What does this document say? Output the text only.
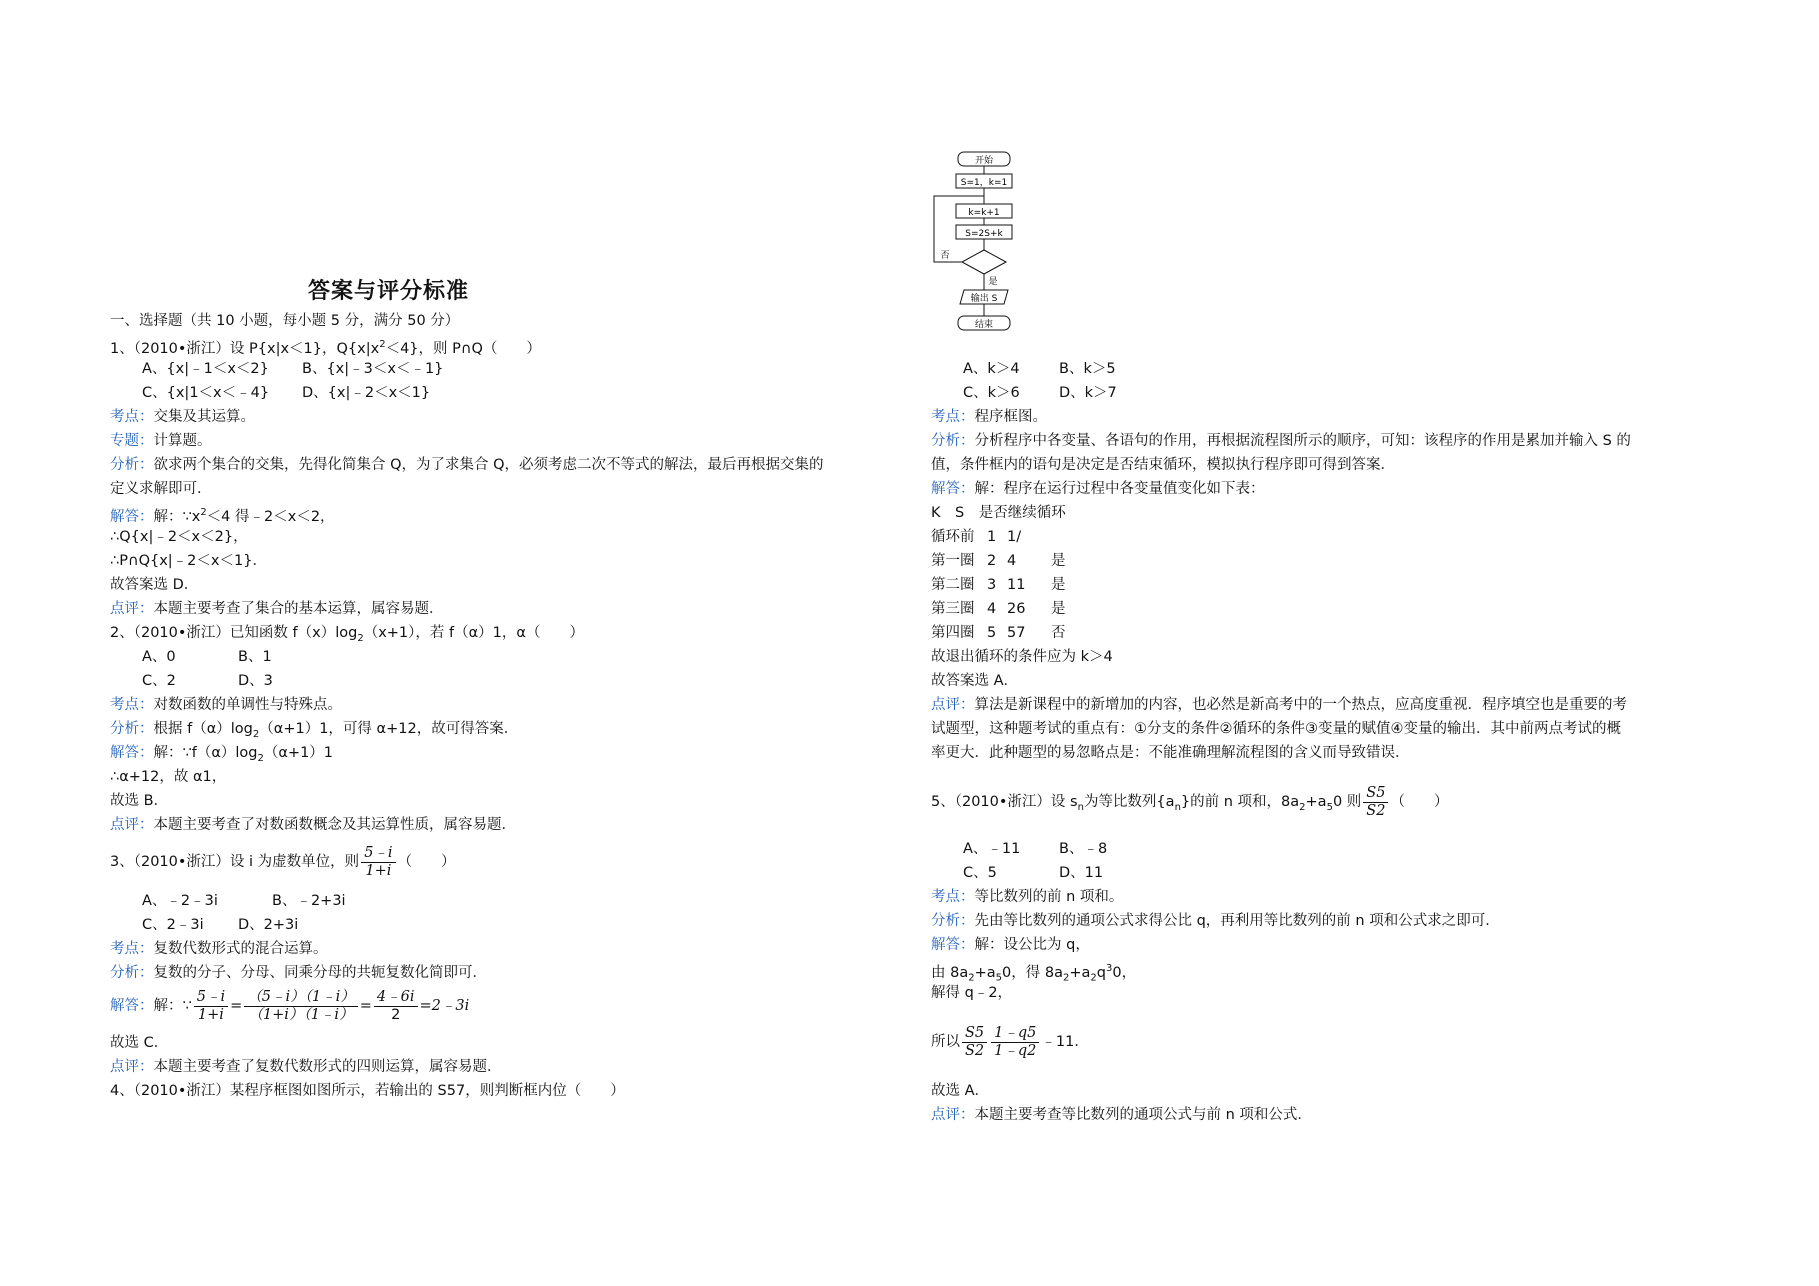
答案与评分标准
一、选择题（共 10 小题，每小题 5 分，满分 50 分）
1、（2010•浙江）设 P{x|x＜1}，$Q\{x|x^2<4\}$，则 P∩Q（　　）
A、{x|﹣1＜x＜2} B、{x|﹣3＜x＜﹣1}
C、{x|1＜x＜﹣4} D、{x|﹣2＜x＜1}
考点：交集及其运算。
专题：计算题。
分析：欲求两个集合的交集，先得化简集合 Q，为了求集合 Q，必须考虑二次不等式的解法，最后再根据交集的
定义求解即可．
解答：解：$\because x^2<4$ 得﹣2＜x＜2，
∴Q{x|﹣2＜x＜2}，
∴P∩Q{x|﹣2＜x＜1}．
故答案选 D．
点评：本题主要考查了集合的基本运算，属容易题．
2、（2010•浙江）已知函数 $f(x)\log_2(x+1)$，若 f（α）1，α（　　）
A、0	B、1
C、2	D、3
考点：对数函数的单调性与特殊点。
分析：根据 $f(\alpha)\log_2(\alpha+1)1$，可得 α+12，故可得答案．
解答：解：$\because f(\alpha)\log_2(\alpha+1)1$
∴α+12，故 α1，
故选 B．
点评：本题主要考查了对数函数概念及其运算性质，属容易题．
3、（2010•浙江）设 i 为虚数单位，则 $\frac{5﹣i}{1+i}$ （　　）
A、﹣2﹣3i	B、﹣2+3i
C、2﹣3i D、2+3i
考点：复数代数形式的混合运算。
分析：复数的分子、分母、同乘分母的共轭复数化简即可．
解答：解：∵ $\frac{5﹣i}{1+i} = \frac{(5﹣i)(1﹣i)}{(1+i)(1﹣i)} = \frac{4﹣6i}{2}$ =2﹣3i
故选 C．
点评：本题主要考查了复数代数形式的四则运算，属容易题．
4、（2010•浙江）某程序框图如图所示，若输出的 S57，则判断框内位（　　）
开始
S=1，k=1
k=k+1
S=2S+k
否
是
输出 S
结束
A、k＞4	B、k＞5
C、k＞6	D、k＞7
考点：程序框图。
分析：分析程序中各变量、各语句的作用，再根据流程图所示的顺序，可知：该程序的作用是累加并输入 S 的
值，条件框内的语句是决定是否结束循环，模拟执行程序即可得到答案．
解答：解：程序在运行过程中各变量值变化如下表：
K　S　是否继续循环
循环前 1 1/
第一圈 2 4 是
第二圈 3 11 是
第三圈 4 26 是
第四圈 5 57 否
故退出循环的条件应为 k＞4
故答案选 A．
点评：算法是新课程中的新增加的内容，也必然是新高考中的一个热点，应高度重视．程序填空也是重要的考
试题型，这种题考试的重点有：①分支的条件②循环的条件③变量的赋值④变量的输出．其中前两点考试的概
率更大．此种题型的易忽略点是：不能准确理解流程图的含义而导致错误．
5、（2010•浙江）设 $s_n$为等比数列$\{a_n\}$的前 n 项和，$8a_2+a_50$ 则 $\frac{S5}{S2}$ （　　）
A、﹣11	B、﹣8
C、5	D、11
考点：等比数列的前 n 项和。
分析：先由等比数列的通项公式求得公比 q，再利用等比数列的前 n 项和公式求之即可．
解答：解：设公比为 q，
由 $8a_2+a_50$，得 $8a_2+a_2q^30$，
解得 q﹣2，
所以 $\frac{S5}{S2} \frac{1﹣q5}{1﹣q2}$ ﹣11．
故选 A．
点评：本题主要考查等比数列的通项公式与前 n 项和公式．
